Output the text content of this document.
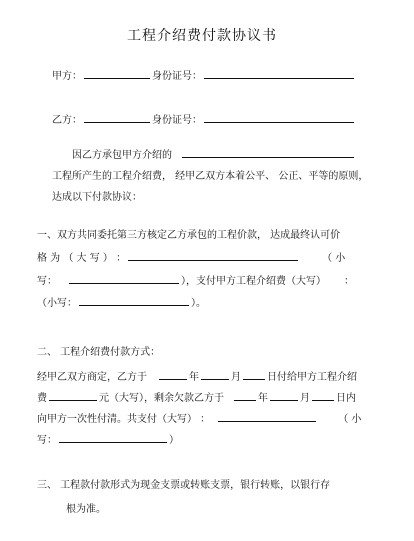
工程介绍费付款协议书
甲方：	身份证号：
乙方：	身份证号：
因乙方承包甲方介绍的
工程所产生的工程介绍费， 经甲乙双方本着公平、 公正、平等的原则，
达成以下付款协议：
一、双方共同委托第三方核定乙方承包的工程价款， 达成最终认可价
格 为 （ 大 写 ） ：	（ 小
写：	），支付甲方工程介绍费（大写） ：
（小写：	）。
二、 工程介绍费付款方式：
经甲乙双方商定，乙方于	年	月	日付给甲方工程介绍
费	元（大写），剩余欠款乙方于	年	月	日内
向甲方一次性付清。共支付（大写） ：	（ 小
写：	）
三、 工程款付款形式为现金支票或转账支票，银行转账，以银行存
根为准。
